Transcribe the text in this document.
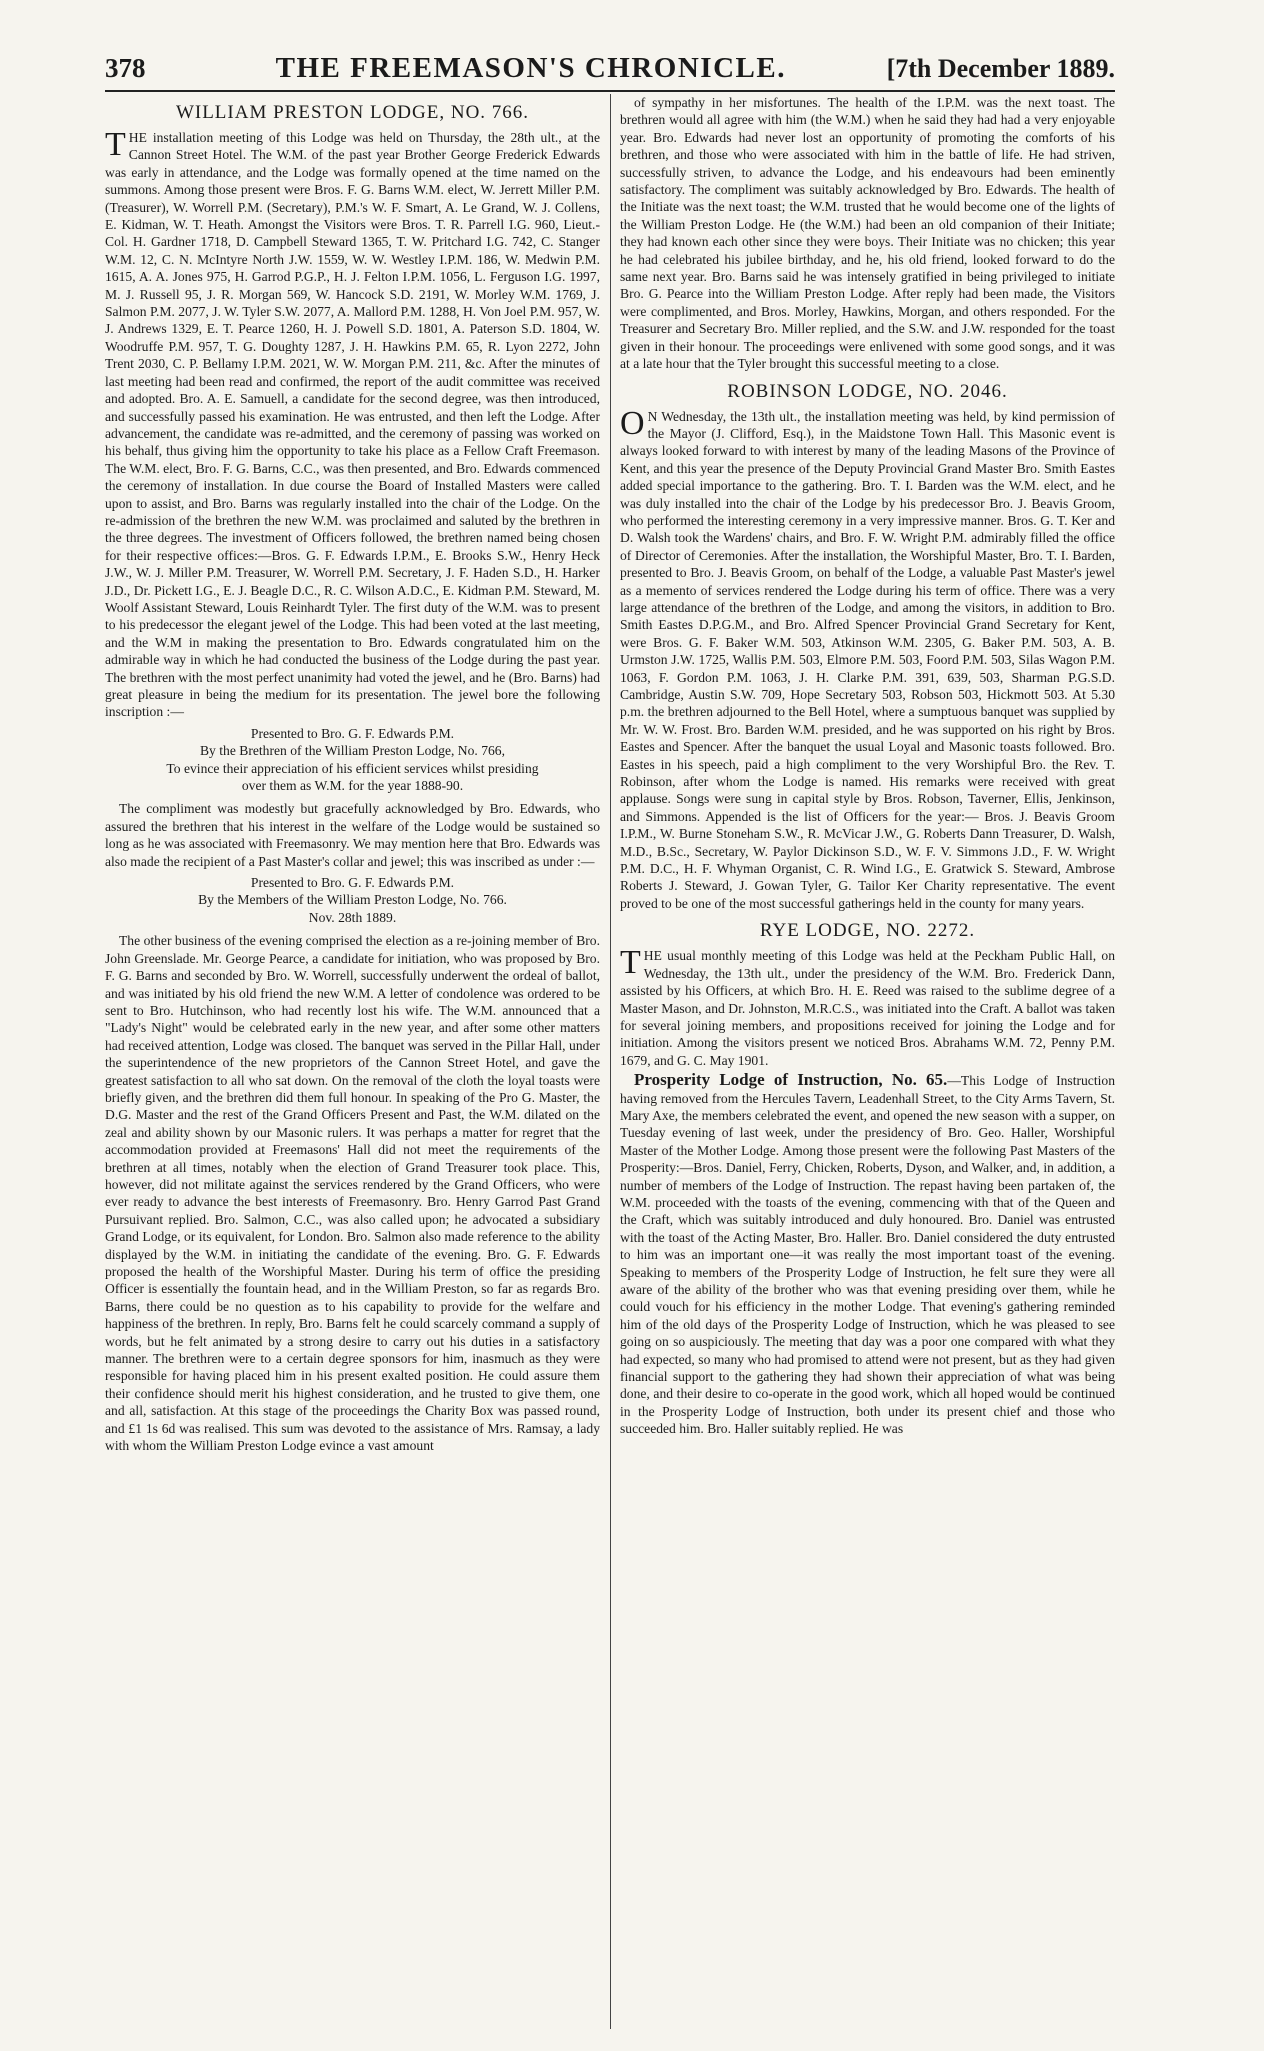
378	THE FREEMASON'S CHRONICLE.	[7th December 1889.
WILLIAM PRESTON LODGE, NO. 766.

THE installation meeting of this Lodge was held on Thursday, the 28th ult., at the Cannon Street Hotel. The W.M. of the past year Brother George Frederick Edwards was early in attendance, and the Lodge was formally opened at the time named on the summons. Among those present were Bros. F. G. Barns W.M. elect, W. Jerrett Miller P.M. (Treasurer), W. Worrell P.M. (Secretary), P.M.'s W. F. Smart, A. Le Grand, W. J. Collens, E. Kidman, W. T. Heath. Amongst the Visitors were Bros. T. R. Parrell I.G. 960, Lieut.-Col. H. Gardner 1718, D. Campbell Steward 1365, T. W. Pritchard I.G. 742, C. Stanger W.M. 12, C. N. McIntyre North J.W. 1559, W. W. Westley I.P.M. 186, W. Medwin P.M. 1615, A. A. Jones 975, H. Garrod P.G.P., H. J. Felton I.P.M. 1056, L. Ferguson I.G. 1997, M. J. Russell 95, J. R. Morgan 569, W. Hancock S.D. 2191, W. Morley W.M. 1769, J. Salmon P.M. 2077, J. W. Tyler S.W. 2077, A. Mallord P.M. 1288, H. Von Joel P.M. 957, W. J. Andrews 1329, E. T. Pearce 1260, H. J. Powell S.D. 1801, A. Paterson S.D. 1804, W. Woodruffe P.M. 957, T. G. Doughty 1287, J. H. Hawkins P.M. 65, R. Lyon 2272, John Trent 2030, C. P. Bellamy I.P.M. 2021, W. W. Morgan P.M. 211, &c. After the minutes of last meeting had been read and confirmed, the report of the audit committee was received and adopted. Bro. A. E. Samuell, a candidate for the second degree, was then introduced, and successfully passed his examination. He was entrusted, and then left the Lodge. After advancement, the candidate was re-admitted, and the ceremony of passing was worked on his behalf, thus giving him the opportunity to take his place as a Fellow Craft Freemason. The W.M. elect, Bro. F. G. Barns, C.C., was then presented, and Bro. Edwards commenced the ceremony of installation. In due course the Board of Installed Masters were called upon to assist, and Bro. Barns was regularly installed into the chair of the Lodge. On the re-admission of the brethren the new W.M. was proclaimed and saluted by the brethren in the three degrees. The investment of Officers followed, the brethren named being chosen for their respective offices:—Bros. G. F. Edwards I.P.M., E. Brooks S.W., Henry Heck J.W., W. J. Miller P.M. Treasurer, W. Worrell P.M. Secretary, J. F. Haden S.D., H. Harker J.D., Dr. Pickett I.G., E. J. Beagle D.C., R. C. Wilson A.D.C., E. Kidman P.M. Steward, M. Woolf Assistant Steward, Louis Reinhardt Tyler. The first duty of the W.M. was to present to his predecessor the elegant jewel of the Lodge. This had been voted at the last meeting, and the W.M in making the presentation to Bro. Edwards congratulated him on the admirable way in which he had conducted the business of the Lodge during the past year. The brethren with the most perfect unanimity had voted the jewel, and he (Bro. Barns) had great pleasure in being the medium for its presentation. The jewel bore the following inscription :—

Presented to Bro. G. F. Edwards P.M.
By the Brethren of the William Preston Lodge, No. 766,
To evince their appreciation of his efficient services whilst presiding
over them as W.M. for the year 1888-90.

The compliment was modestly but gracefully acknowledged by Bro. Edwards, who assured the brethren that his interest in the welfare of the Lodge would be sustained so long as he was associated with Freemasonry. We may mention here that Bro. Edwards was also made the recipient of a Past Master's collar and jewel; this was inscribed as under :—

Presented to Bro. G. F. Edwards P.M.
By the Members of the William Preston Lodge, No. 766.
Nov. 28th 1889.

The other business of the evening comprised the election as a re-joining member of Bro. John Greenslade. Mr. George Pearce, a candidate for initiation, who was proposed by Bro. F. G. Barns and seconded by Bro. W. Worrell, successfully underwent the ordeal of ballot, and was initiated by his old friend the new W.M. A letter of condolence was ordered to be sent to Bro. Hutchinson, who had recently lost his wife. The W.M. announced that a "Lady's Night" would be celebrated early in the new year, and after some other matters had received attention, Lodge was closed. The banquet was served in the Pillar Hall, under the superintendence of the new proprietors of the Cannon Street Hotel, and gave the greatest satisfaction to all who sat down. On the removal of the cloth the loyal toasts were briefly given, and the brethren did them full honour. In speaking of the Pro G. Master, the D.G. Master and the rest of the Grand Officers Present and Past, the W.M. dilated on the zeal and ability shown by our Masonic rulers. It was perhaps a matter for regret that the accommodation provided at Freemasons' Hall did not meet the requirements of the brethren at all times, notably when the election of Grand Treasurer took place. This, however, did not militate against the services rendered by the Grand Officers, who were ever ready to advance the best interests of Freemasonry. Bro. Henry Garrod Past Grand Pursuivant replied. Bro. Salmon, C.C., was also called upon; he advocated a subsidiary Grand Lodge, or its equivalent, for London. Bro. Salmon also made reference to the ability displayed by the W.M. in initiating the candidate of the evening. Bro. G. F. Edwards proposed the health of the Worshipful Master. During his term of office the presiding Officer is essentially the fountain head, and in the William Preston, so far as regards Bro. Barns, there could be no question as to his capability to provide for the welfare and happiness of the brethren. In reply, Bro. Barns felt he could scarcely command a supply of words, but he felt animated by a strong desire to carry out his duties in a satisfactory manner. The brethren were to a certain degree sponsors for him, inasmuch as they were responsible for having placed him in his present exalted position. He could assure them their confidence should merit his highest consideration, and he trusted to give them, one and all, satisfaction. At this stage of the proceedings the Charity Box was passed round, and £1 1s 6d was realised. This sum was devoted to the assistance of Mrs. Ramsay, a lady with whom the William Preston Lodge evince a vast amount

of sympathy in her misfortunes. The health of the I.P.M. was the next toast. The brethren would all agree with him (the W.M.) when he said they had had a very enjoyable year. Bro. Edwards had never lost an opportunity of promoting the comforts of his brethren, and those who were associated with him in the battle of life. He had striven, successfully striven, to advance the Lodge, and his endeavours had been eminently satisfactory. The compliment was suitably acknowledged by Bro. Edwards. The health of the Initiate was the next toast; the W.M. trusted that he would become one of the lights of the William Preston Lodge. He (the W.M.) had been an old companion of their Initiate; they had known each other since they were boys. Their Initiate was no chicken; this year he had celebrated his jubilee birthday, and he, his old friend, looked forward to do the same next year. Bro. Barns said he was intensely gratified in being privileged to initiate Bro. G. Pearce into the William Preston Lodge. After reply had been made, the Visitors were complimented, and Bros. Morley, Hawkins, Morgan, and others responded. For the Treasurer and Secretary Bro. Miller replied, and the S.W. and J.W. responded for the toast given in their honour. The proceedings were enlivened with some good songs, and it was at a late hour that the Tyler brought this successful meeting to a close.

ROBINSON LODGE, NO. 2046.

ON Wednesday, the 13th ult., the installation meeting was held, by kind permission of the Mayor (J. Clifford, Esq.), in the Maidstone Town Hall. This Masonic event is always looked forward to with interest by many of the leading Masons of the Province of Kent, and this year the presence of the Deputy Provincial Grand Master Bro. Smith Eastes added special importance to the gathering. Bro. T. I. Barden was the W.M. elect, and he was duly installed into the chair of the Lodge by his predecessor Bro. J. Beavis Groom, who performed the interesting ceremony in a very impressive manner. Bros. G. T. Ker and D. Walsh took the Wardens' chairs, and Bro. F. W. Wright P.M. admirably filled the office of Director of Ceremonies. After the installation, the Worshipful Master, Bro. T. I. Barden, presented to Bro. J. Beavis Groom, on behalf of the Lodge, a valuable Past Master's jewel as a memento of services rendered the Lodge during his term of office. There was a very large attendance of the brethren of the Lodge, and among the visitors, in addition to Bro. Smith Eastes D.P.G.M., and Bro. Alfred Spencer Provincial Grand Secretary for Kent, were Bros. G. F. Baker W.M. 503, Atkinson W.M. 2305, G. Baker P.M. 503, A. B. Urmston J.W. 1725, Wallis P.M. 503, Elmore P.M. 503, Foord P.M. 503, Silas Wagon P.M. 1063, F. Gordon P.M. 1063, J. H. Clarke P.M. 391, 639, 503, Sharman P.G.S.D. Cambridge, Austin S.W. 709, Hope Secretary 503, Robson 503, Hickmott 503. At 5.30 p.m. the brethren adjourned to the Bell Hotel, where a sumptuous banquet was supplied by Mr. W. W. Frost. Bro. Barden W.M. presided, and he was supported on his right by Bros. Eastes and Spencer. After the banquet the usual Loyal and Masonic toasts followed. Bro. Eastes in his speech, paid a high compliment to the very Worshipful Bro. the Rev. T. Robinson, after whom the Lodge is named. His remarks were received with great applause. Songs were sung in capital style by Bros. Robson, Taverner, Ellis, Jenkinson, and Simmons. Appended is the list of Officers for the year:— Bros. J. Beavis Groom I.P.M., W. Burne Stoneham S.W., R. McVicar J.W., G. Roberts Dann Treasurer, D. Walsh, M.D., B.Sc., Secretary, W. Paylor Dickinson S.D., W. F. V. Simmons J.D., F. W. Wright P.M. D.C., H. F. Whyman Organist, C. R. Wind I.G., E. Gratwick S. Steward, Ambrose Roberts J. Steward, J. Gowan Tyler, G. Tailor Ker Charity representative. The event proved to be one of the most successful gatherings held in the county for many years.

RYE LODGE, NO. 2272.

THE usual monthly meeting of this Lodge was held at the Peckham Public Hall, on Wednesday, the 13th ult., under the presidency of the W.M. Bro. Frederick Dann, assisted by his Officers, at which Bro. H. E. Reed was raised to the sublime degree of a Master Mason, and Dr. Johnston, M.R.C.S., was initiated into the Craft. A ballot was taken for several joining members, and propositions received for joining the Lodge and for initiation. Among the visitors present we noticed Bros. Abrahams W.M. 72, Penny P.M. 1679, and G. C. May 1901.

Prosperity Lodge of Instruction, No. 65.—This Lodge of Instruction having removed from the Hercules Tavern, Leadenhall Street, to the City Arms Tavern, St. Mary Axe, the members celebrated the event, and opened the new season with a supper, on Tuesday evening of last week, under the presidency of Bro. Geo. Haller, Worshipful Master of the Mother Lodge. Among those present were the following Past Masters of the Prosperity:—Bros. Daniel, Ferry, Chicken, Roberts, Dyson, and Walker, and, in addition, a number of members of the Lodge of Instruction. The repast having been partaken of, the W.M. proceeded with the toasts of the evening, commencing with that of the Queen and the Craft, which was suitably introduced and duly honoured. Bro. Daniel was entrusted with the toast of the Acting Master, Bro. Haller. Bro. Daniel considered the duty entrusted to him was an important one—it was really the most important toast of the evening. Speaking to members of the Prosperity Lodge of Instruction, he felt sure they were all aware of the ability of the brother who was that evening presiding over them, while he could vouch for his efficiency in the mother Lodge. That evening's gathering reminded him of the old days of the Prosperity Lodge of Instruction, which he was pleased to see going on so auspiciously. The meeting that day was a poor one compared with what they had expected, so many who had promised to attend were not present, but as they had given financial support to the gathering they had shown their appreciation of what was being done, and their desire to co-operate in the good work, which all hoped would be continued in the Prosperity Lodge of Instruction, both under its present chief and those who succeeded him. Bro. Haller suitably replied. He was
